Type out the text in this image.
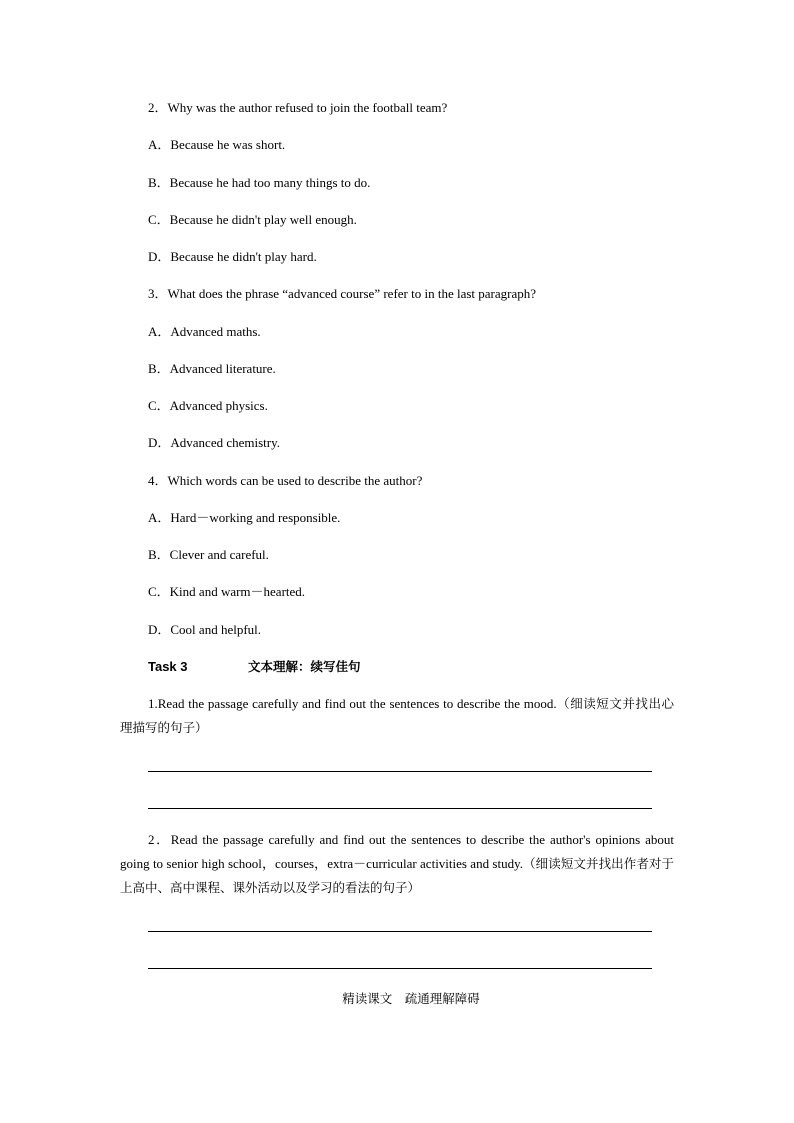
2．Why was the author refused to join the football team?
A．Because he was short.
B．Because he had too many things to do.
C．Because he didn't play well enough.
D．Because he didn't play hard.
3．What does the phrase “advanced course” refer to in the last paragraph?
A．Advanced maths.
B．Advanced literature.
C．Advanced physics.
D．Advanced chemistry.
4．Which words can be used to describe the author?
A．Hard－working and responsible.
B．Clever and careful.
C．Kind and warm－hearted.
D．Cool and helpful.
Task 3	文本理解：续写佳句
1.Read the passage carefully and find out the sentences to describe the mood.（细读短文并找出心理描写的句子）
2．Read the passage carefully and find out the sentences to describe the author's opinions about going to senior high school，courses，extra－curricular activities and study.（细读短文并找出作者对于上高中、高中课程、课外活动以及学习的看法的句子）
精读课文　疏通理解障碍
